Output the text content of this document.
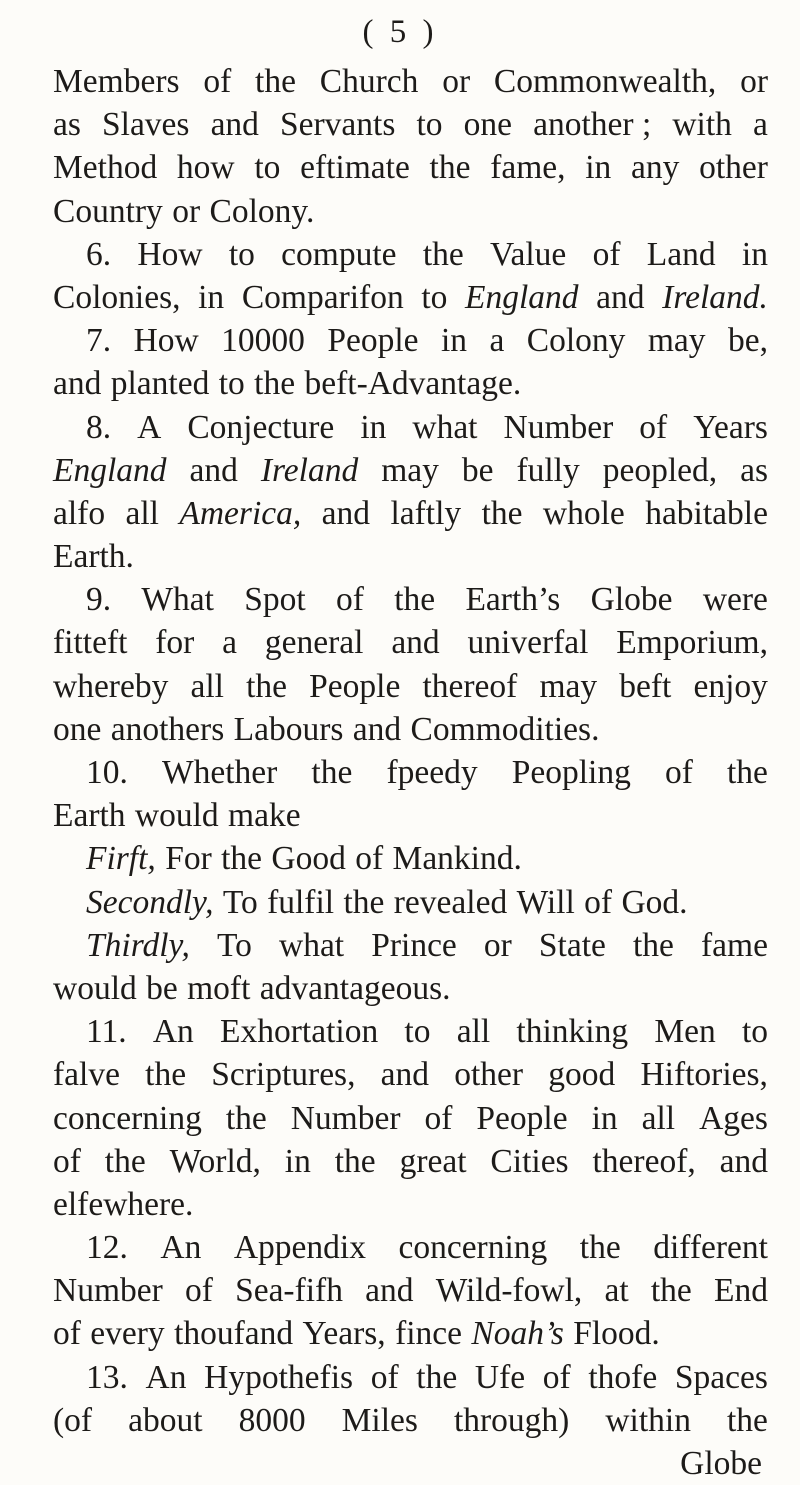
( 5 )
Members of the Church or Commonwealth, or
as Slaves and Servants to one another ; with a
Method how to eftimate the fame, in any other
Country or Colony.
6. How to compute the Value of Land in
Colonies, in Comparifon to England and Ireland.
7. How 10000 People in a Colony may be,
and planted to the beft-Advantage.
8. A Conjecture in what Number of Years
England and Ireland may be fully peopled, as
alfo all America, and laftly the whole habitable
Earth.
9. What Spot of the Earth’s Globe were
fitteft for a general and univerfal Emporium,
whereby all the People thereof may beft enjoy
one anothers Labours and Commodities.
10. Whether the fpeedy Peopling of the
Earth would make
Firft, For the Good of Mankind.
Secondly, To fulfil the revealed Will of God.
Thirdly, To what Prince or State the fame
would be moft advantageous.
11. An Exhortation to all thinking Men to
falve the Scriptures, and other good Hiftories,
concerning the Number of People in all Ages
of the World, in the great Cities thereof, and
elfewhere.
12. An Appendix concerning the different
Number of Sea-fifh and Wild-fowl, at the End
of every thoufand Years, fince Noah’s Flood.
13. An Hypothefis of the Ufe of thofe Spaces
(of about 8000 Miles through) within the
Globe
